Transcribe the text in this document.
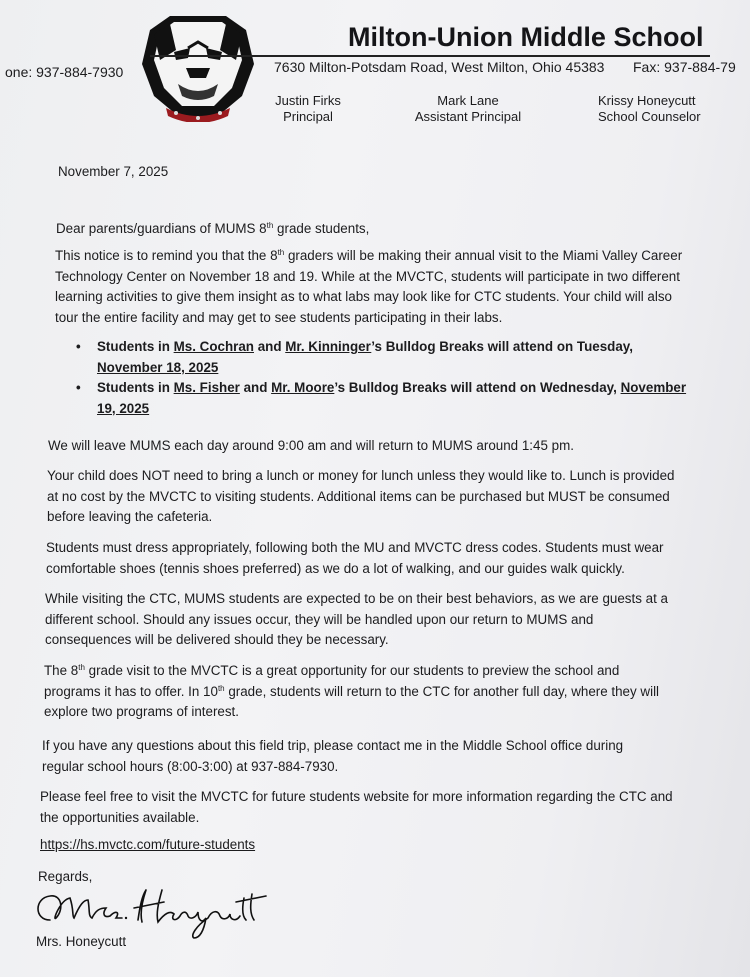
Milton-Union Middle School
one: 937-884-7930	7630 Milton-Potsdam Road, West Milton, Ohio 45383 Fax: 937-884-79
Justin Firks
Principal
Mark Lane
Assistant Principal
Krissy Honeycutt
School Counselor
November 7, 2025
Dear parents/guardians of MUMS 8th grade students,
This notice is to remind you that the 8th graders will be making their annual visit to the Miami Valley Career
Technology Center on November 18 and 19. While at the MVCTC, students will participate in two different
learning activities to give them insight as to what labs may look like for CTC students. Your child will also
tour the entire facility and may get to see students participating in their labs.
• Students in Ms. Cochran and Mr. Kinninger’s Bulldog Breaks will attend on Tuesday,
November 18, 2025
• Students in Ms. Fisher and Mr. Moore’s Bulldog Breaks will attend on Wednesday, November
19, 2025
We will leave MUMS each day around 9:00 am and will return to MUMS around 1:45 pm.
Your child does NOT need to bring a lunch or money for lunch unless they would like to. Lunch is provided
at no cost by the MVCTC to visiting students. Additional items can be purchased but MUST be consumed
before leaving the cafeteria.
Students must dress appropriately, following both the MU and MVCTC dress codes. Students must wear
comfortable shoes (tennis shoes preferred) as we do a lot of walking, and our guides walk quickly.
While visiting the CTC, MUMS students are expected to be on their best behaviors, as we are guests at a
different school. Should any issues occur, they will be handled upon our return to MUMS and
consequences will be delivered should they be necessary.
The 8th grade visit to the MVCTC is a great opportunity for our students to preview the school and
programs it has to offer. In 10th grade, students will return to the CTC for another full day, where they will
explore two programs of interest.
If you have any questions about this field trip, please contact me in the Middle School office during
regular school hours (8:00-3:00) at 937-884-7930.
Please feel free to visit the MVCTC for future students website for more information regarding the CTC and
the opportunities available.
https://hs.mvctc.com/future-students
Regards,
Mrs. Honeycutt
